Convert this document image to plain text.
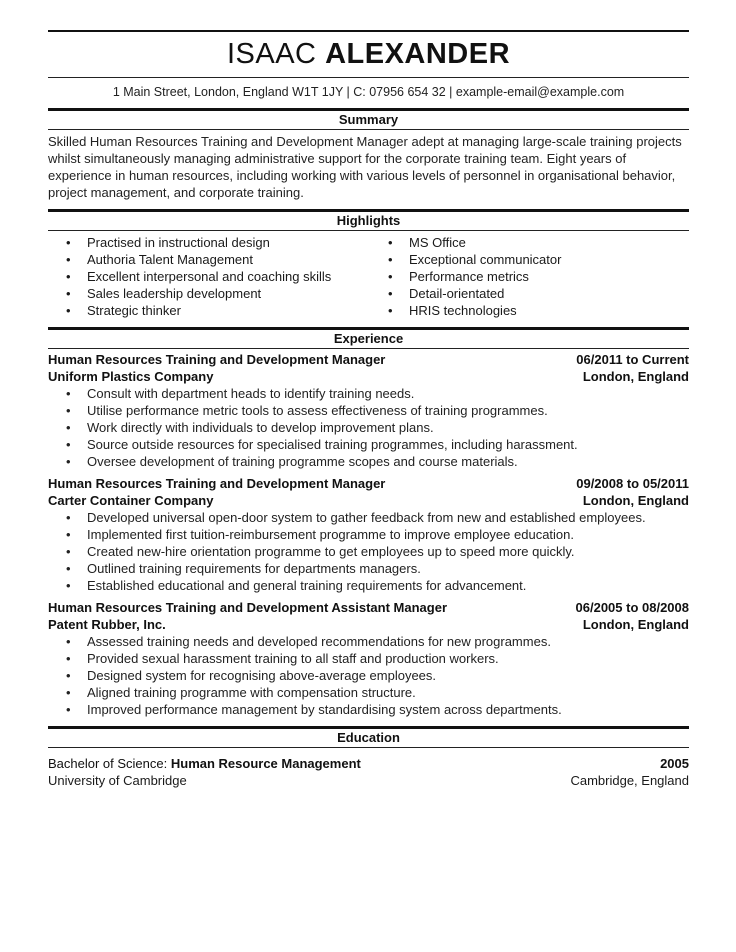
ISAAC ALEXANDER
1 Main Street, London, England W1T 1JY | C: 07956 654 32 | example-email@example.com
Summary

Skilled Human Resources Training and Development Manager adept at managing large-scale training projects whilst simultaneously managing administrative support for the corporate training team. Eight years of experience in human resources, including working with various levels of personnel in organisational behavior, project management, and corporate training.

Highlights
• Practised in instructional design
• Authoria Talent Management
• Excellent interpersonal and coaching skills
• Sales leadership development
• Strategic thinker
• MS Office
• Exceptional communicator
• Performance metrics
• Detail-orientated
• HRIS technologies
Experience
Human Resources Training and Development Manager	06/2011 to Current
Uniform Plastics Company	London, England
• Consult with department heads to identify training needs.
• Utilise performance metric tools to assess effectiveness of training programmes.
• Work directly with individuals to develop improvement plans.
• Source outside resources for specialised training programmes, including harassment.
• Oversee development of training programme scopes and course materials.
Human Resources Training and Development Manager	09/2008 to 05/2011
Carter Container Company	London, England
• Developed universal open-door system to gather feedback from new and established employees.
• Implemented first tuition-reimbursement programme to improve employee education.
• Created new-hire orientation programme to get employees up to speed more quickly.
• Outlined training requirements for departments managers.
• Established educational and general training requirements for advancement.
Human Resources Training and Development Assistant Manager	06/2005 to 08/2008
Patent Rubber, Inc.	London, England
• Assessed training needs and developed recommendations for new programmes.
• Provided sexual harassment training to all staff and production workers.
• Designed system for recognising above-average employees.
• Aligned training programme with compensation structure.
• Improved performance management by standardising system across departments.
Education
Bachelor of Science: Human Resource Management	2005
University of Cambridge	Cambridge, England
